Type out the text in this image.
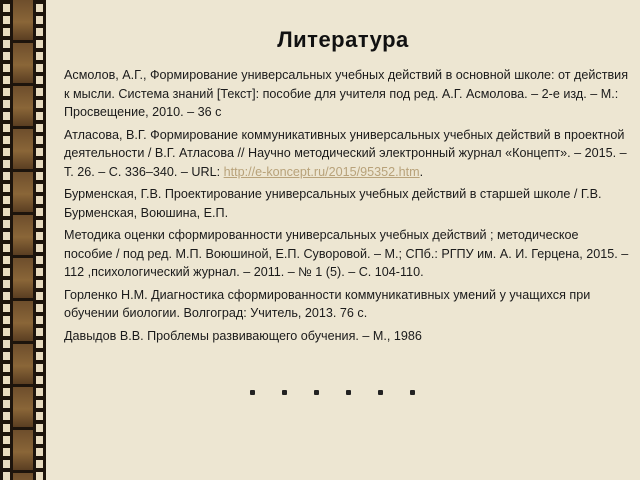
Литература

Асмолов, А.Г., Формирование универсальных учебных действий в основной школе: от действия к мысли. Система знаний [Текст]: пособие для учителя под ред. А.Г. Асмолова. – 2-е изд. – М.: Просвещение, 2010. – 36 с

Атласова, В.Г. Формирование коммуникативных универсальных учебных действий в проектной деятельности / В.Г. Атласова // Научно методический электронный журнал «Концепт». – 2015. – Т. 26. – С. 336–340. – URL: http://e-koncept.ru/2015/95352.htm.

Бурменская, Г.В. Проектирование универсальных учебных действий в старшей школе / Г.В. Бурменская, Воюшина, Е.П.

Методика оценки сформированности универсальных учебных действий ; методическое пособие / под ред. М.П. Воюшиной, Е.П. Суворовой. – М.; СПб.: РГПУ им. А. И. Герцена, 2015. – 112 ,психологический журнал. – 2011. – № 1 (5). – С. 104-110.

Горленко Н.М. Диагностика сформированности коммуникативных умений у учащихся при обучении биологии. Волгоград: Учитель, 2013. 76 с.

Давыдов В.В. Проблемы развивающего обучения. – М., 1986
